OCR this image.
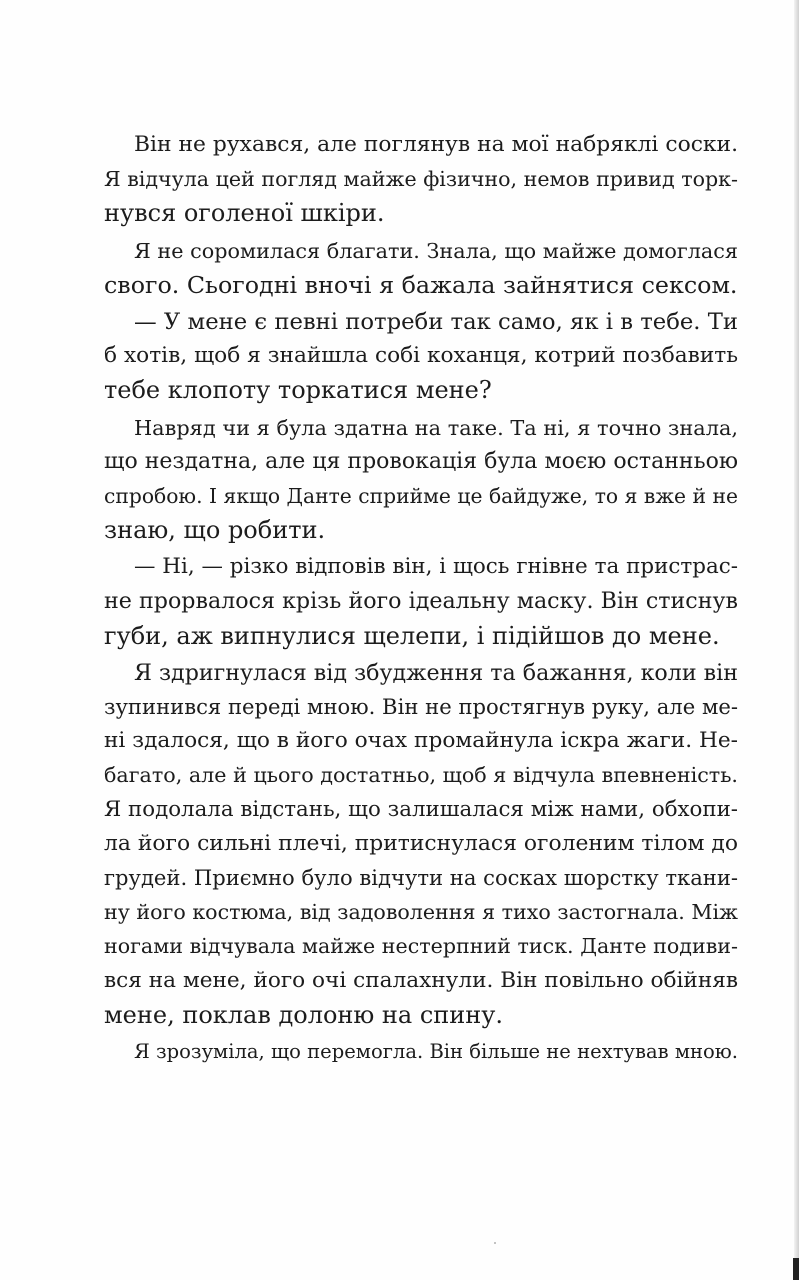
Він не рухався, але поглянув на мої набряклі соски.
Я відчула цей погляд майже фізично, немов привид торк-
нувся оголеної шкіри.
Я не соромилася благати. Знала, що майже домоглася
свого. Сьогодні вночі я бажала зайнятися сексом.
— У мене є певні потреби так само, як і в тебе. Ти
б хотів, щоб я знайшла собі коханця, котрий позбавить
тебе клопоту торкатися мене?
Навряд чи я була здатна на таке. Та ні, я точно знала,
що нездатна, але ця провокація була моєю останньою
спробою. І якщо Данте сприйме це байдуже, то я вже й не
знаю, що робити.
— Ні, — різко відповів він, і щось гнівне та пристрас-
не прорвалося крізь його ідеальну маску. Він стиснув
губи, аж випнулися щелепи, і підійшов до мене.
Я здригнулася від збудження та бажання, коли він
зупинився переді мною. Він не простягнув руку, але ме-
ні здалося, що в його очах промайнула іскра жаги. Не-
багато, але й цього достатньо, щоб я відчула впевненість.
Я подолала відстань, що залишалася між нами, обхопи-
ла його сильні плечі, притиснулася оголеним тілом до
грудей. Приємно було відчути на сосках шорстку ткани-
ну його костюма, від задоволення я тихо застогнала. Між
ногами відчувала майже нестерпний тиск. Данте подиви-
вся на мене, його очі спалахнули. Він повільно обійняв
мене, поклав долоню на спину.
Я зрозуміла, що перемогла. Він більше не нехтував мною.
